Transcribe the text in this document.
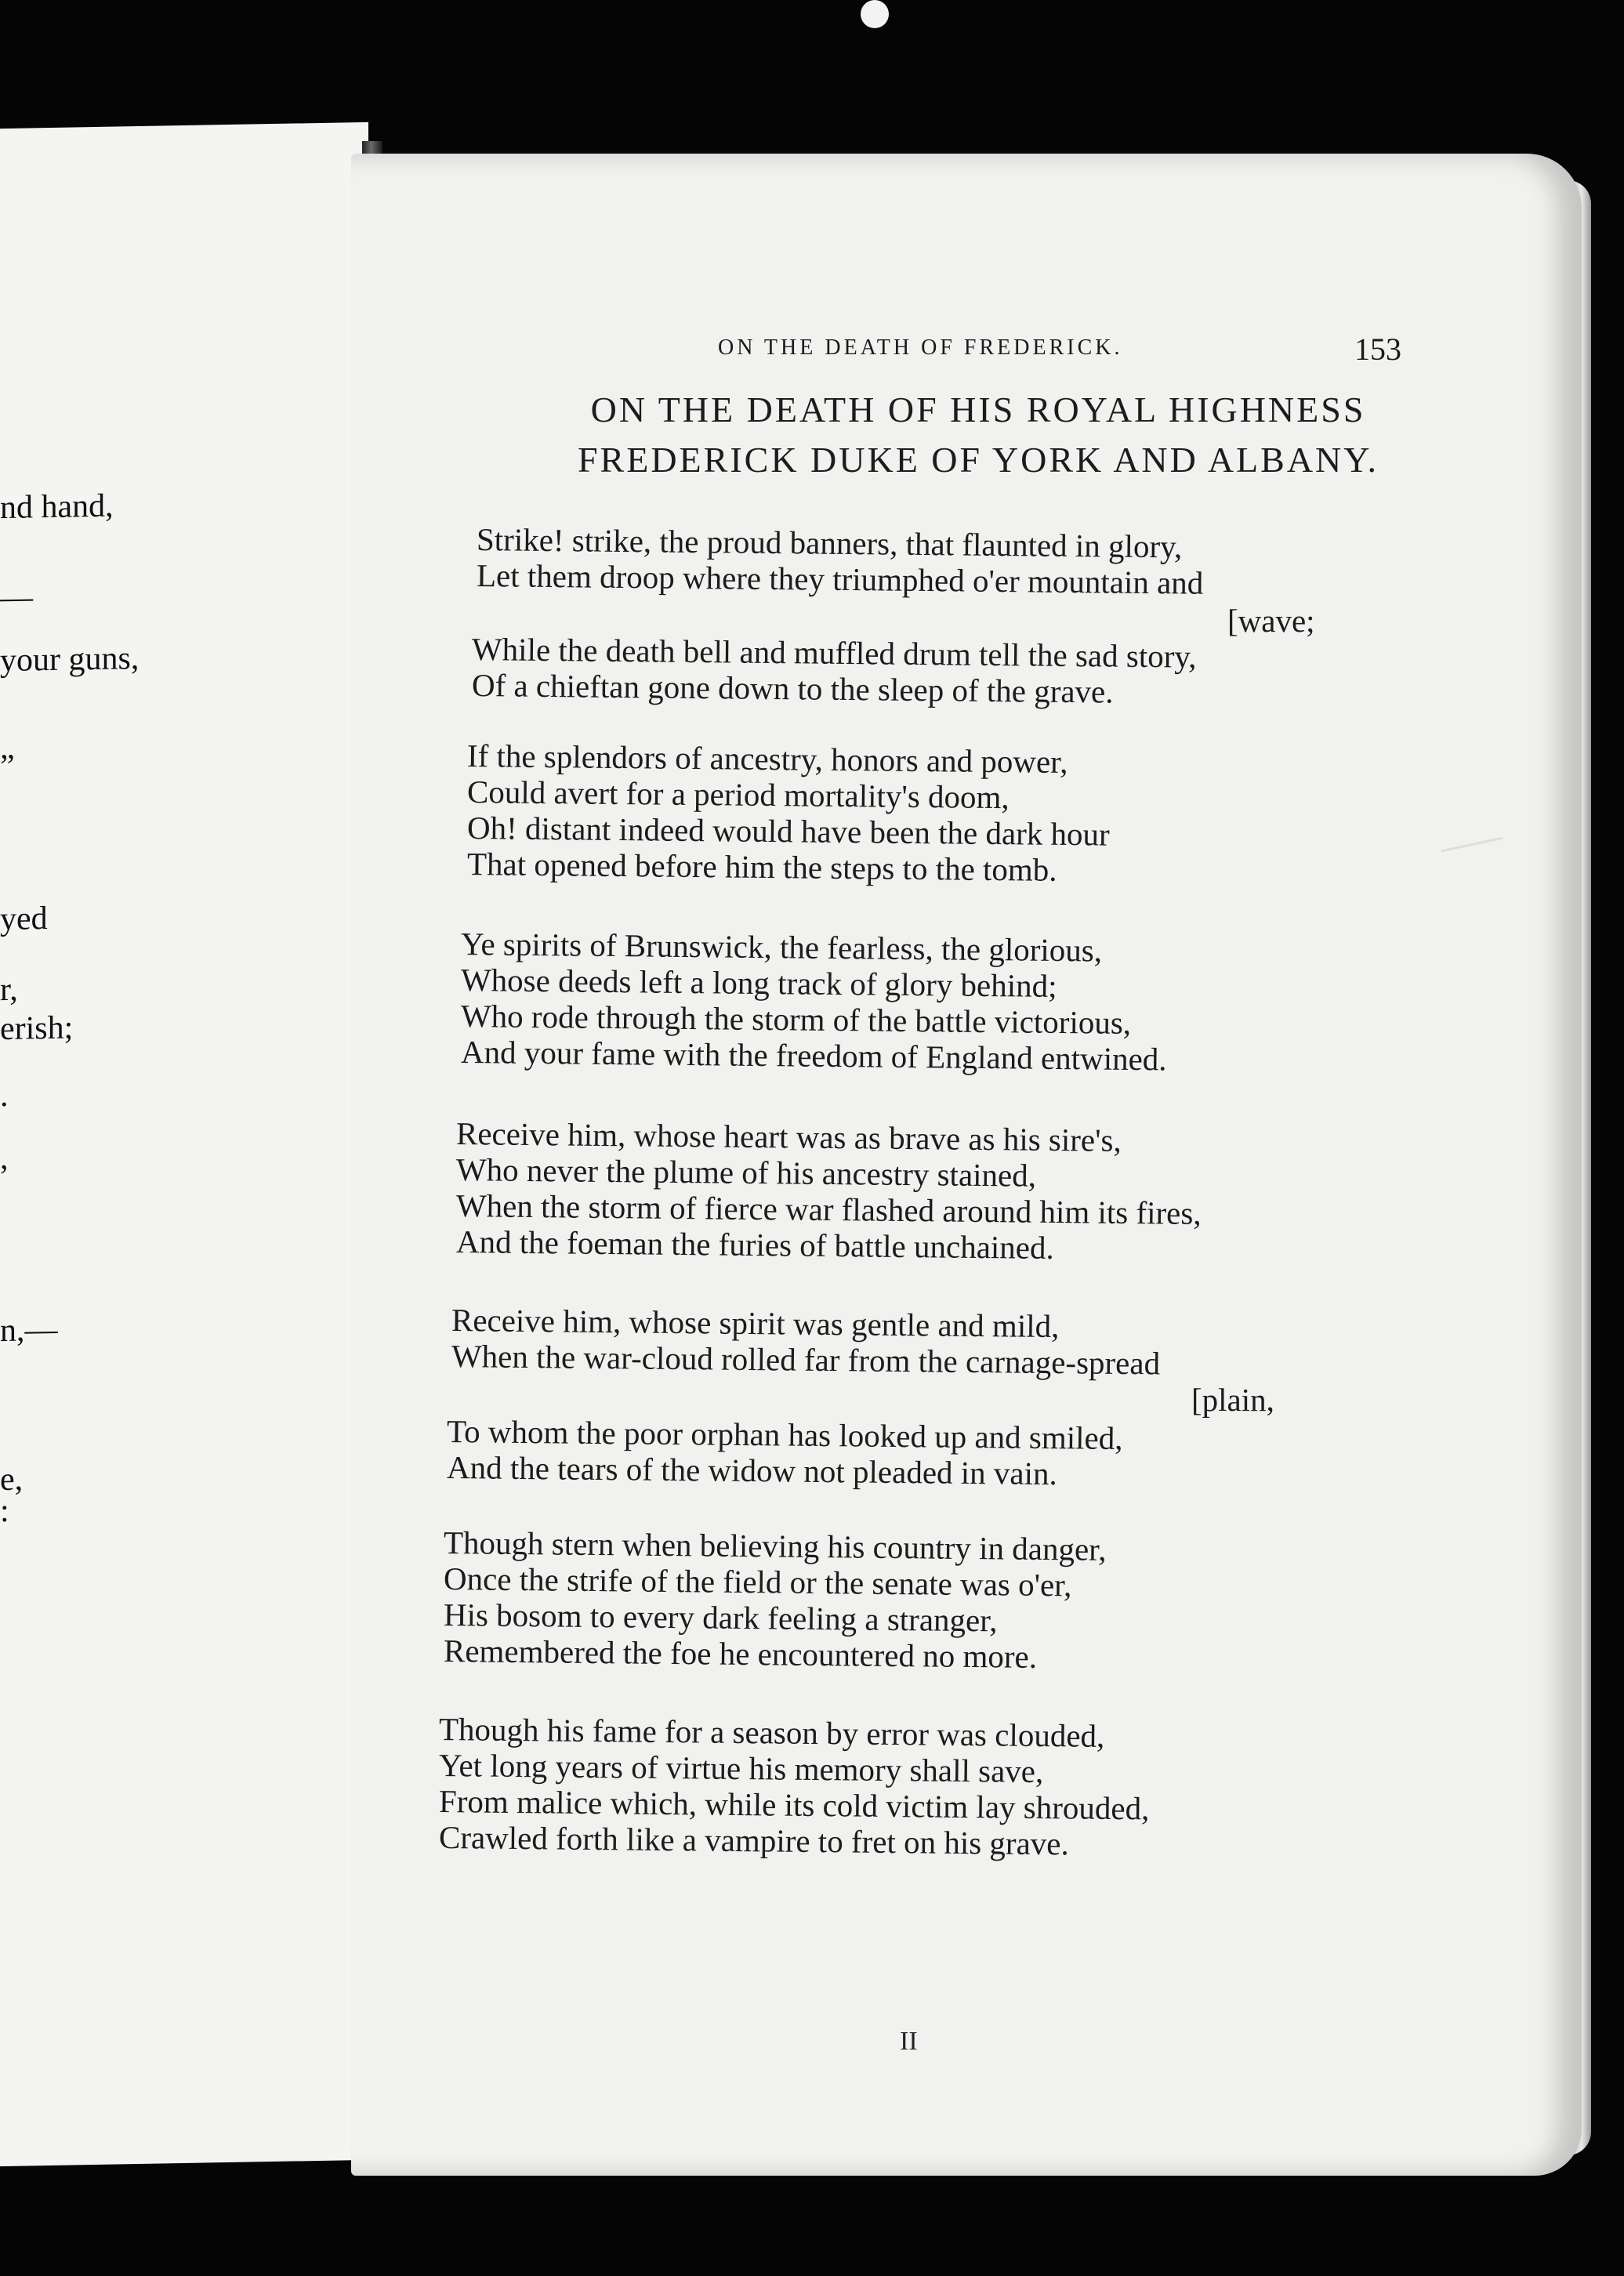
nd hand,
—
your guns,
”
yed
r,
erish;
.
,
n,—
e,
:
ON THE DEATH OF FREDERICK.	153
ON THE DEATH OF HIS ROYAL HIGHNESS
FREDERICK DUKE OF YORK AND ALBANY.
Strike! strike, the proud banners, that flaunted in glory,
Let them droop where they triumphed o'er mountain and
[wave;
While the death bell and muffled drum tell the sad story,
Of a chieftan gone down to the sleep of the grave.
If the splendors of ancestry, honors and power,
Could avert for a period mortality's doom,
Oh! distant indeed would have been the dark hour
That opened before him the steps to the tomb.
Ye spirits of Brunswick, the fearless, the glorious,
Whose deeds left a long track of glory behind;
Who rode through the storm of the battle victorious,
And your fame with the freedom of England entwined.
Receive him, whose heart was as brave as his sire's,
Who never the plume of his ancestry stained,
When the storm of fierce war flashed around him its fires,
And the foeman the furies of battle unchained.
Receive him, whose spirit was gentle and mild,
When the war-cloud rolled far from the carnage-spread
[plain,
To whom the poor orphan has looked up and smiled,
And the tears of the widow not pleaded in vain.
Though stern when believing his country in danger,
Once the strife of the field or the senate was o'er,
His bosom to every dark feeling a stranger,
Remembered the foe he encountered no more.
Though his fame for a season by error was clouded,
Yet long years of virtue his memory shall save,
From malice which, while its cold victim lay shrouded,
Crawled forth like a vampire to fret on his grave.
II
